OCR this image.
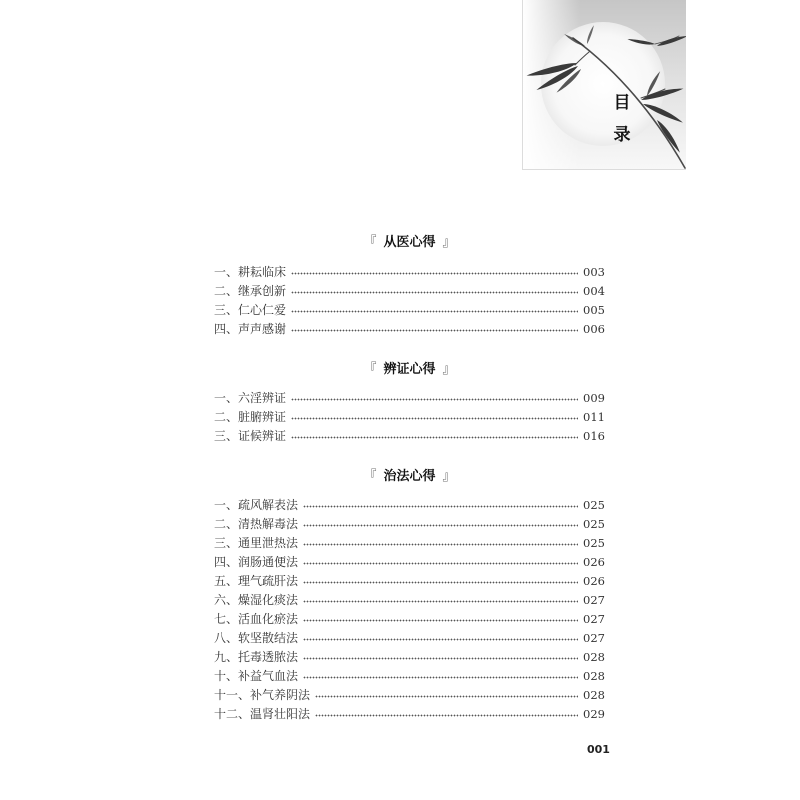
目
录
『 从医心得 』
一、耕耘临床	003
二、继承创新	004
三、仁心仁爱	005
四、声声感谢	006
『 辨证心得 』
一、六淫辨证	009
二、脏腑辨证	011
三、证候辨证	016
『 治法心得 』
一、疏风解表法	025
二、清热解毒法	025
三、通里泄热法	025
四、润肠通便法	026
五、理气疏肝法	026
六、燥湿化痰法	027
七、活血化瘀法	027
八、软坚散结法	027
九、托毒透脓法	028
十、补益气血法	028
十一、补气养阴法	028
十二、温肾壮阳法	029
001
